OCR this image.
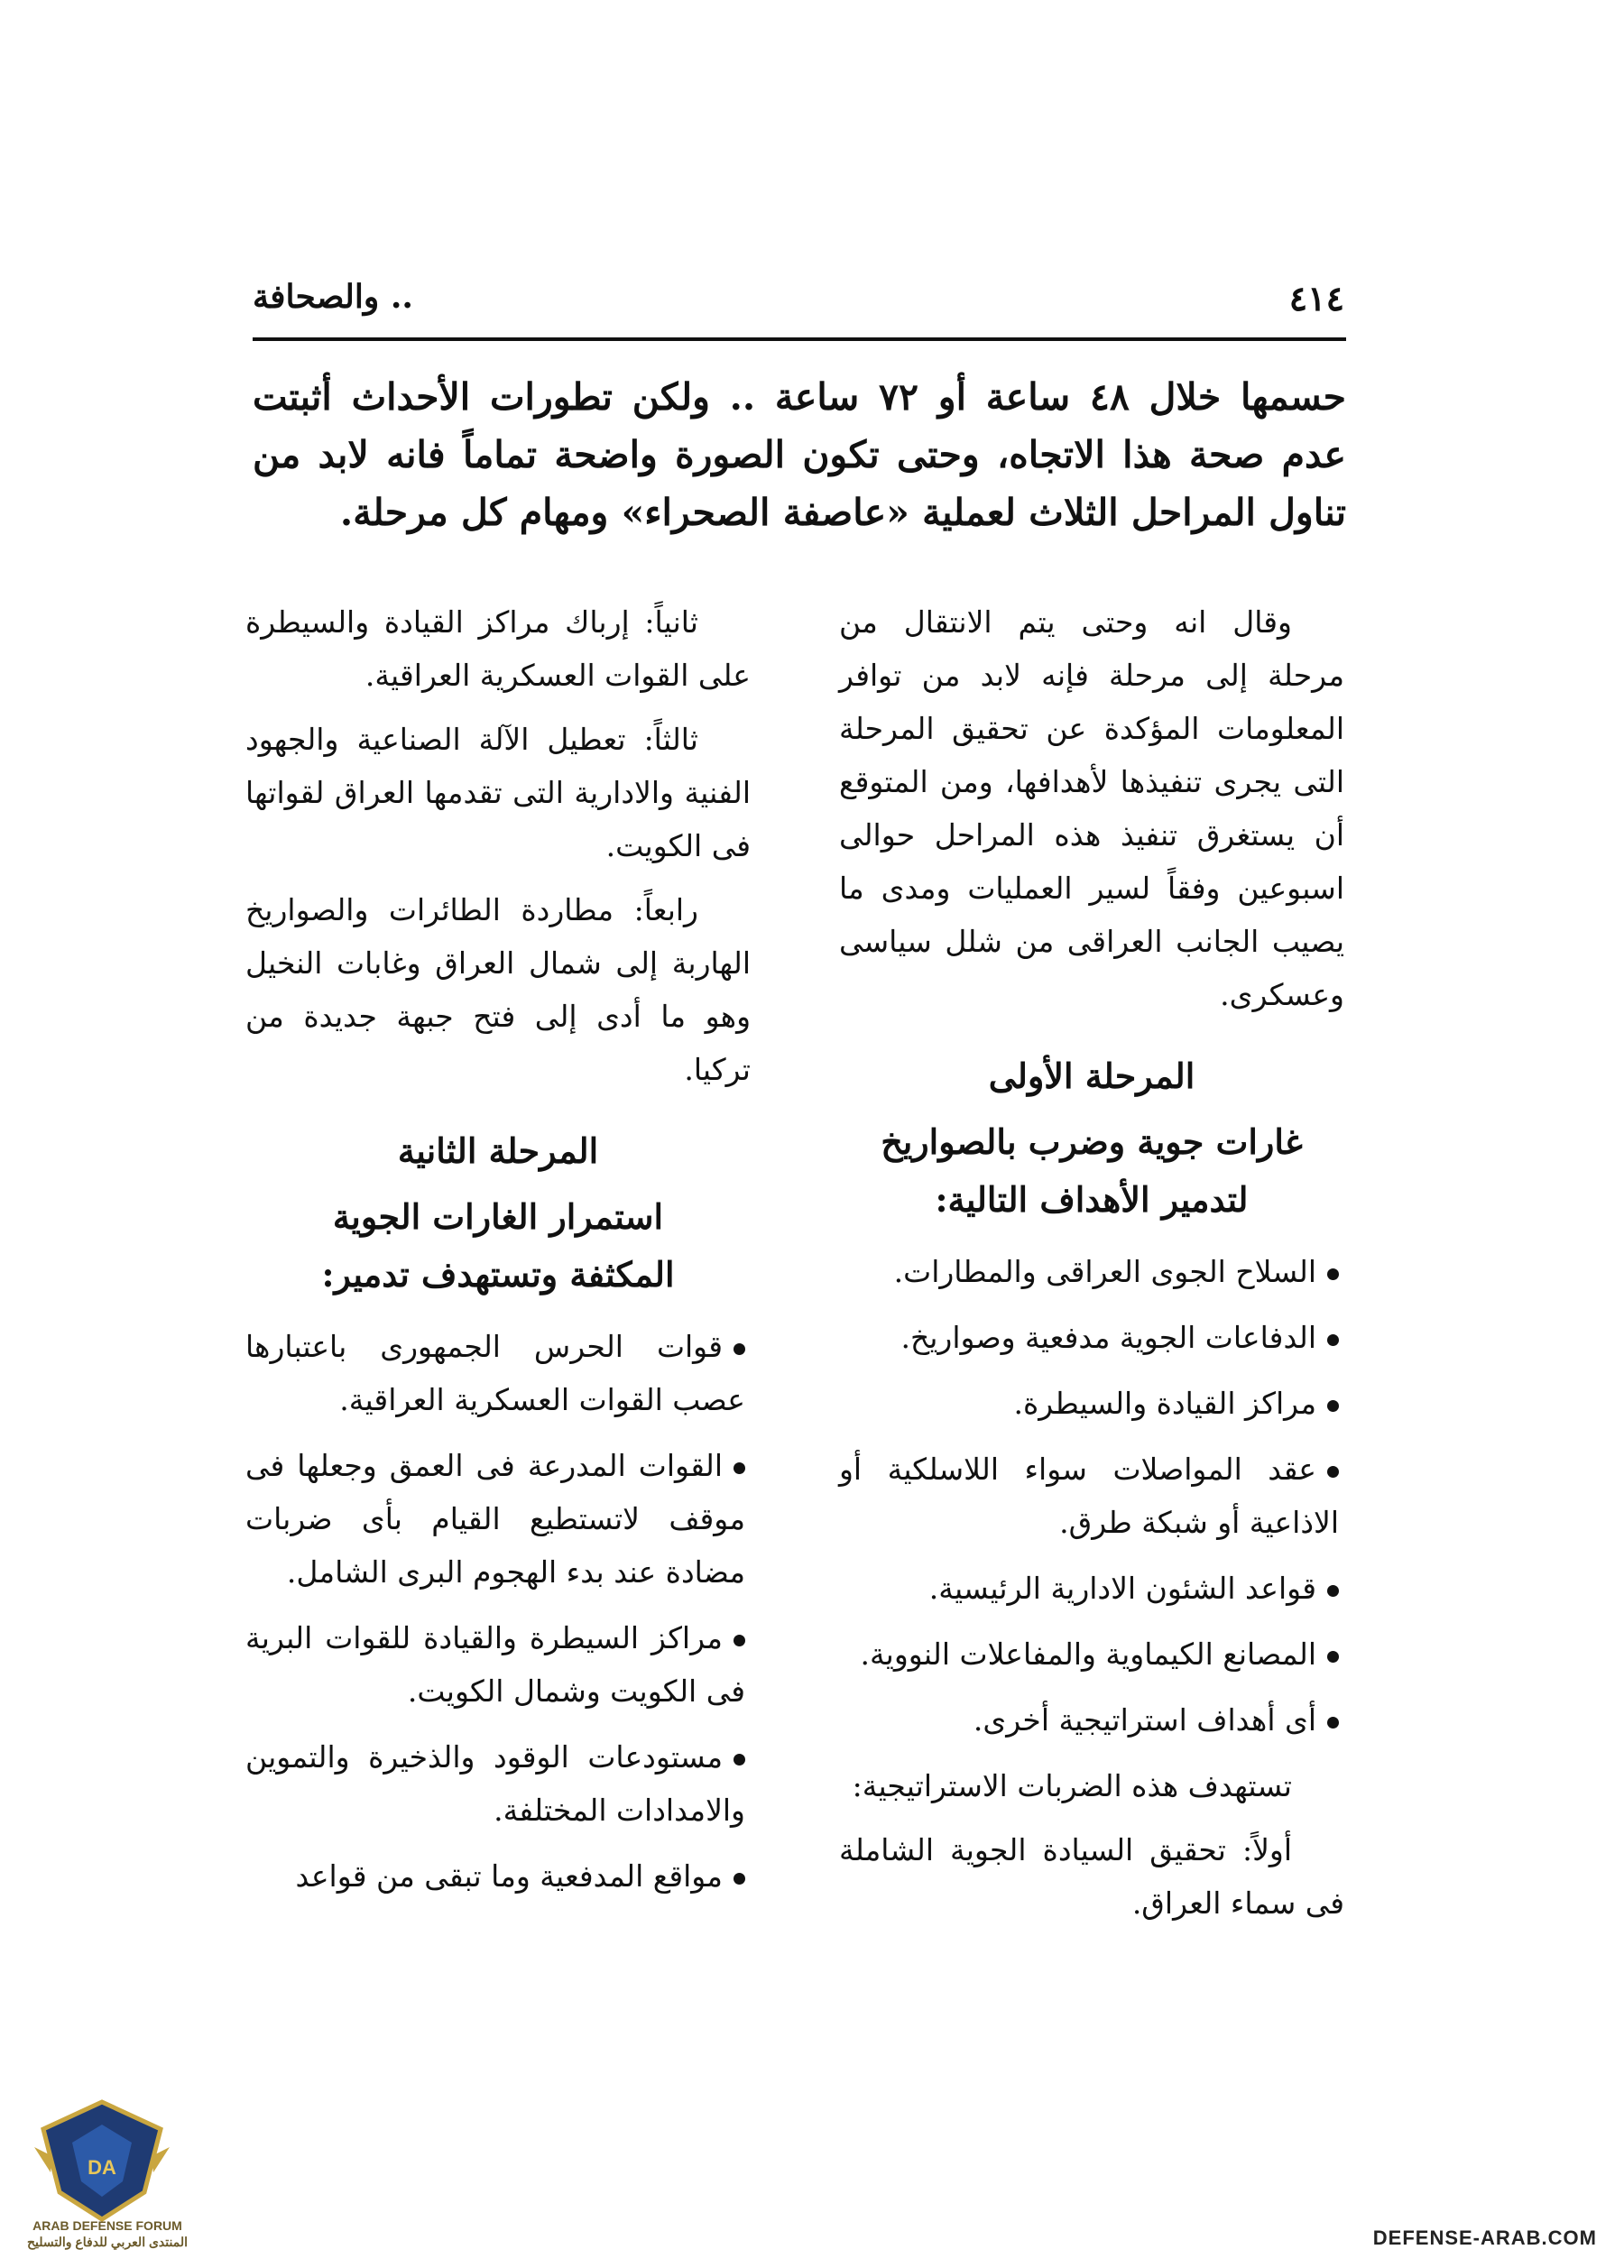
٤١٤
.. والصحافة
حسمها خلال ٤٨ ساعة أو ٧٢ ساعة .. ولكن تطورات الأحداث أثبتت عدم صحة هذا الاتجاه، وحتى تكون الصورة واضحة تماماً فانه لابد من تناول المراحل الثلاث لعملية «عاصفة الصحراء» ومهام كل مرحلة.

وقال انه وحتى يتم الانتقال من مرحلة إلى مرحلة فإنه لابد من توافر المعلومات المؤكدة عن تحقيق المرحلة التى يجرى تنفيذها لأهدافها، ومن المتوقع أن يستغرق تنفيذ هذه المراحل حوالى اسبوعين وفقاً لسير العمليات ومدى ما يصيب الجانب العراقى من شلل سياسى وعسكرى.

المرحلة الأولى
غارات جوية وضرب بالصواريخ
لتدمير الأهداف التالية:
السلاح الجوى العراقى والمطارات.
الدفاعات الجوية مدفعية وصواريخ.
مراكز القيادة والسيطرة.
عقد المواصلات سواء اللاسلكية أو الاذاعية أو شبكة طرق.
قواعد الشئون الادارية الرئيسية.
المصانع الكيماوية والمفاعلات النووية.
أى أهداف استراتيجية أخرى.

تستهدف هذه الضربات الاستراتيجية:

أولاً: تحقيق السيادة الجوية الشاملة فى سماء العراق.

ثانياً: إرباك مراكز القيادة والسيطرة على القوات العسكرية العراقية.

ثالثاً: تعطيل الآلة الصناعية والجهود الفنية والادارية التى تقدمها العراق لقواتها فى الكويت.

رابعاً: مطاردة الطائرات والصواريخ الهاربة إلى شمال العراق وغابات النخيل وهو ما أدى إلى فتح جبهة جديدة من تركيا.

المرحلة الثانية
استمرار الغارات الجوية
المكثفة وتستهدف تدمير:
قوات الحرس الجمهورى باعتبارها عصب القوات العسكرية العراقية.
القوات المدرعة فى العمق وجعلها فى موقف لاتستطيع القيام بأى ضربات مضادة عند بدء الهجوم البرى الشامل.
مراكز السيطرة والقيادة للقوات البرية فى الكويت وشمال الكويت.
مستودعات الوقود والذخيرة والتموين والامدادات المختلفة.
مواقع المدفعية وما تبقى من قواعد
DA
ARAB DEFENSE FORUM
المنتدى العربي للدفاع والتسليح	DEFENSE-ARAB.COM
